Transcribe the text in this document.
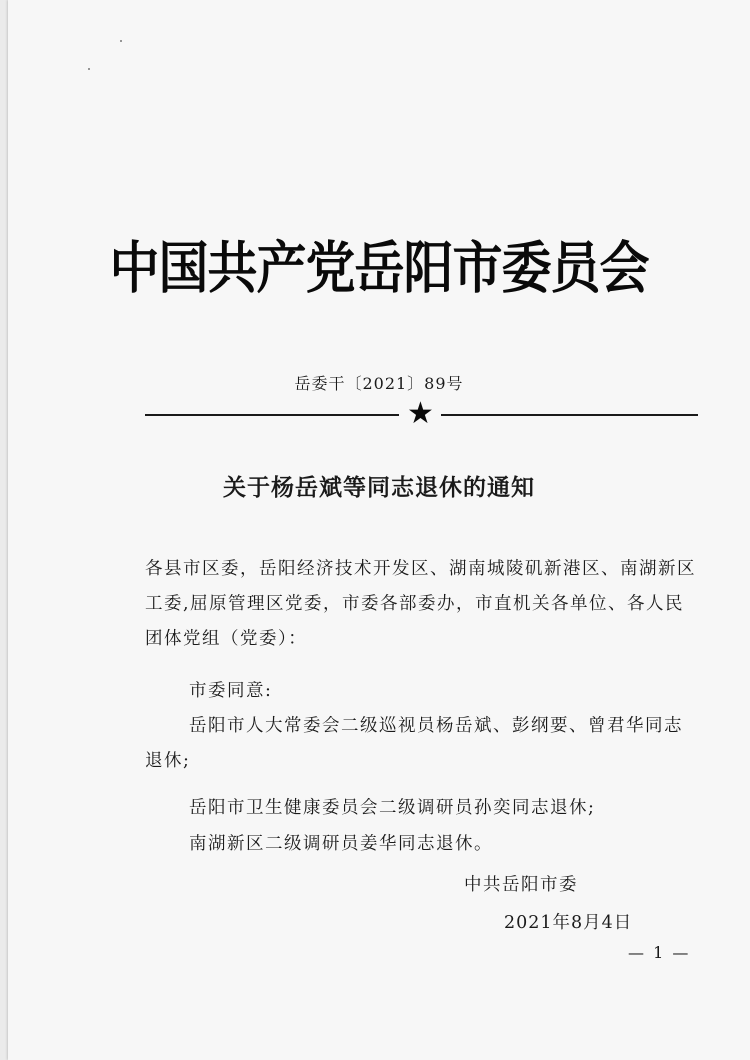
中国共产党岳阳市委员会
岳委干〔2021〕89号
★
关于杨岳斌等同志退休的通知
各县市区委，岳阳经济技术开发区、湖南城陵矶新港区、南湖新区工委,屈原管理区党委，市委各部委办，市直机关各单位、各人民团体党组（党委）：
市委同意:
岳阳市人大常委会二级巡视员杨岳斌、彭纲要、曾君华同志退休;
岳阳市卫生健康委员会二级调研员孙奕同志退休;
南湖新区二级调研员姜华同志退休。
中共岳阳市委
2021年8月4日
— 1 —
